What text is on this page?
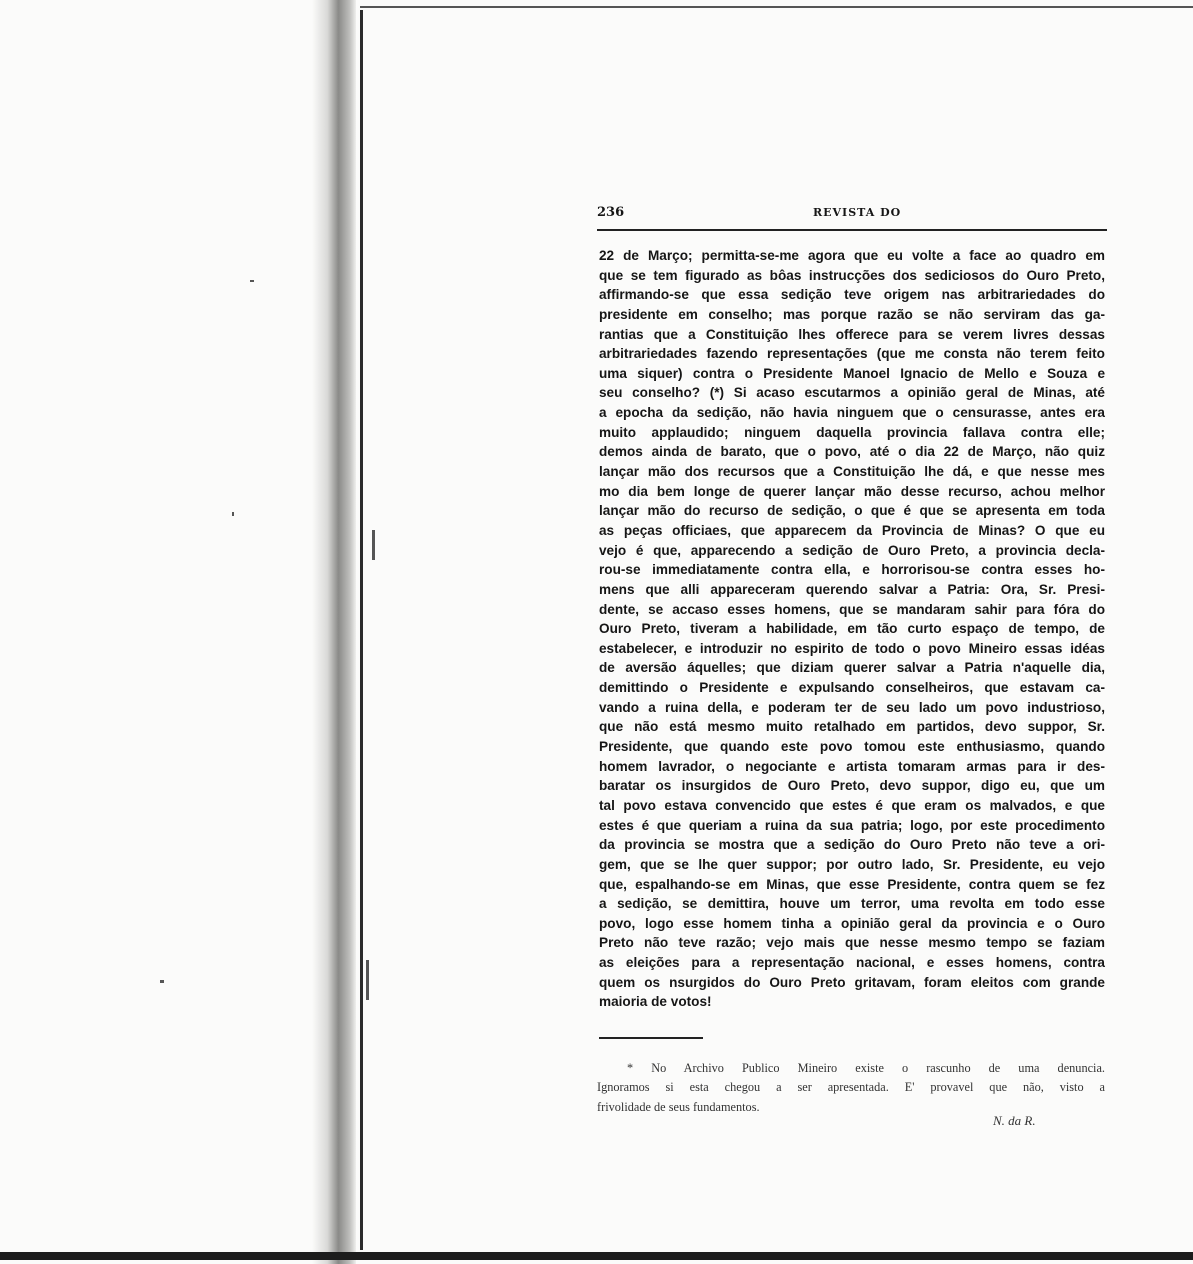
236	REVISTA DO
22 de Março; permitta-se-me agora que eu volte a face ao quadro em
que se tem figurado as bôas instrucções dos sediciosos do Ouro Preto,
affirmando-se que essa sedição teve origem nas arbitrariedades do
presidente em conselho; mas porque razão se não serviram das ga-
rantias que a Constituição lhes offerece para se verem livres dessas
arbitrariedades fazendo representações (que me consta não terem feito
uma siquer) contra o Presidente Manoel Ignacio de Mello e Souza e
seu conselho? (*) Si acaso escutarmos a opinião geral de Minas, até
a epocha da sedição, não havia ninguem que o censurasse, antes era
muito applaudido; ninguem daquella provincia fallava contra elle;
demos ainda de barato, que o povo, até o dia 22 de Março, não quiz
lançar mão dos recursos que a Constituição lhe dá, e que nesse mes
mo dia bem longe de querer lançar mão desse recurso, achou melhor
lançar mão do recurso de sedição, o que é que se apresenta em toda
as peças officiaes, que apparecem da Provincia de Minas? O que eu
vejo é que, apparecendo a sedição de Ouro Preto, a provincia decla-
rou-se immediatamente contra ella, e horrorisou-se contra esses ho-
mens que alli appareceram querendo salvar a Patria: Ora, Sr. Presi-
dente, se accaso esses homens, que se mandaram sahir para fóra do
Ouro Preto, tiveram a habilidade, em tão curto espaço de tempo, de
estabelecer, e introduzir no espirito de todo o povo Mineiro essas idéas
de aversão áquelles; que diziam querer salvar a Patria n'aquelle dia,
demittindo o Presidente e expulsando conselheiros, que estavam ca-
vando a ruina della, e poderam ter de seu lado um povo industrioso,
que não está mesmo muito retalhado em partidos, devo suppor, Sr.
Presidente, que quando este povo tomou este enthusiasmo, quando
homem lavrador, o negociante e artista tomaram armas para ir des-
baratar os insurgidos de Ouro Preto, devo suppor, digo eu, que um
tal povo estava convencido que estes é que eram os malvados, e que
estes é que queriam a ruina da sua patria; logo, por este procedimento
da provincia se mostra que a sedição do Ouro Preto não teve a ori-
gem, que se lhe quer suppor; por outro lado, Sr. Presidente, eu vejo
que, espalhando-se em Minas, que esse Presidente, contra quem se fez
a sedição, se demittira, houve um terror, uma revolta em todo esse
povo, logo esse homem tinha a opinião geral da provincia e o Ouro
Preto não teve razão; vejo mais que nesse mesmo tempo se faziam
as eleições para a representação nacional, e esses homens, contra
quem os nsurgidos do Ouro Preto gritavam, foram eleitos com grande
maioria de votos!
* No Archivo Publico Mineiro existe o rascunho de uma denuncia.
Ignoramos si esta chegou a ser apresentada. E' provavel que não, visto a
frivolidade de seus fundamentos.
N. da R.
